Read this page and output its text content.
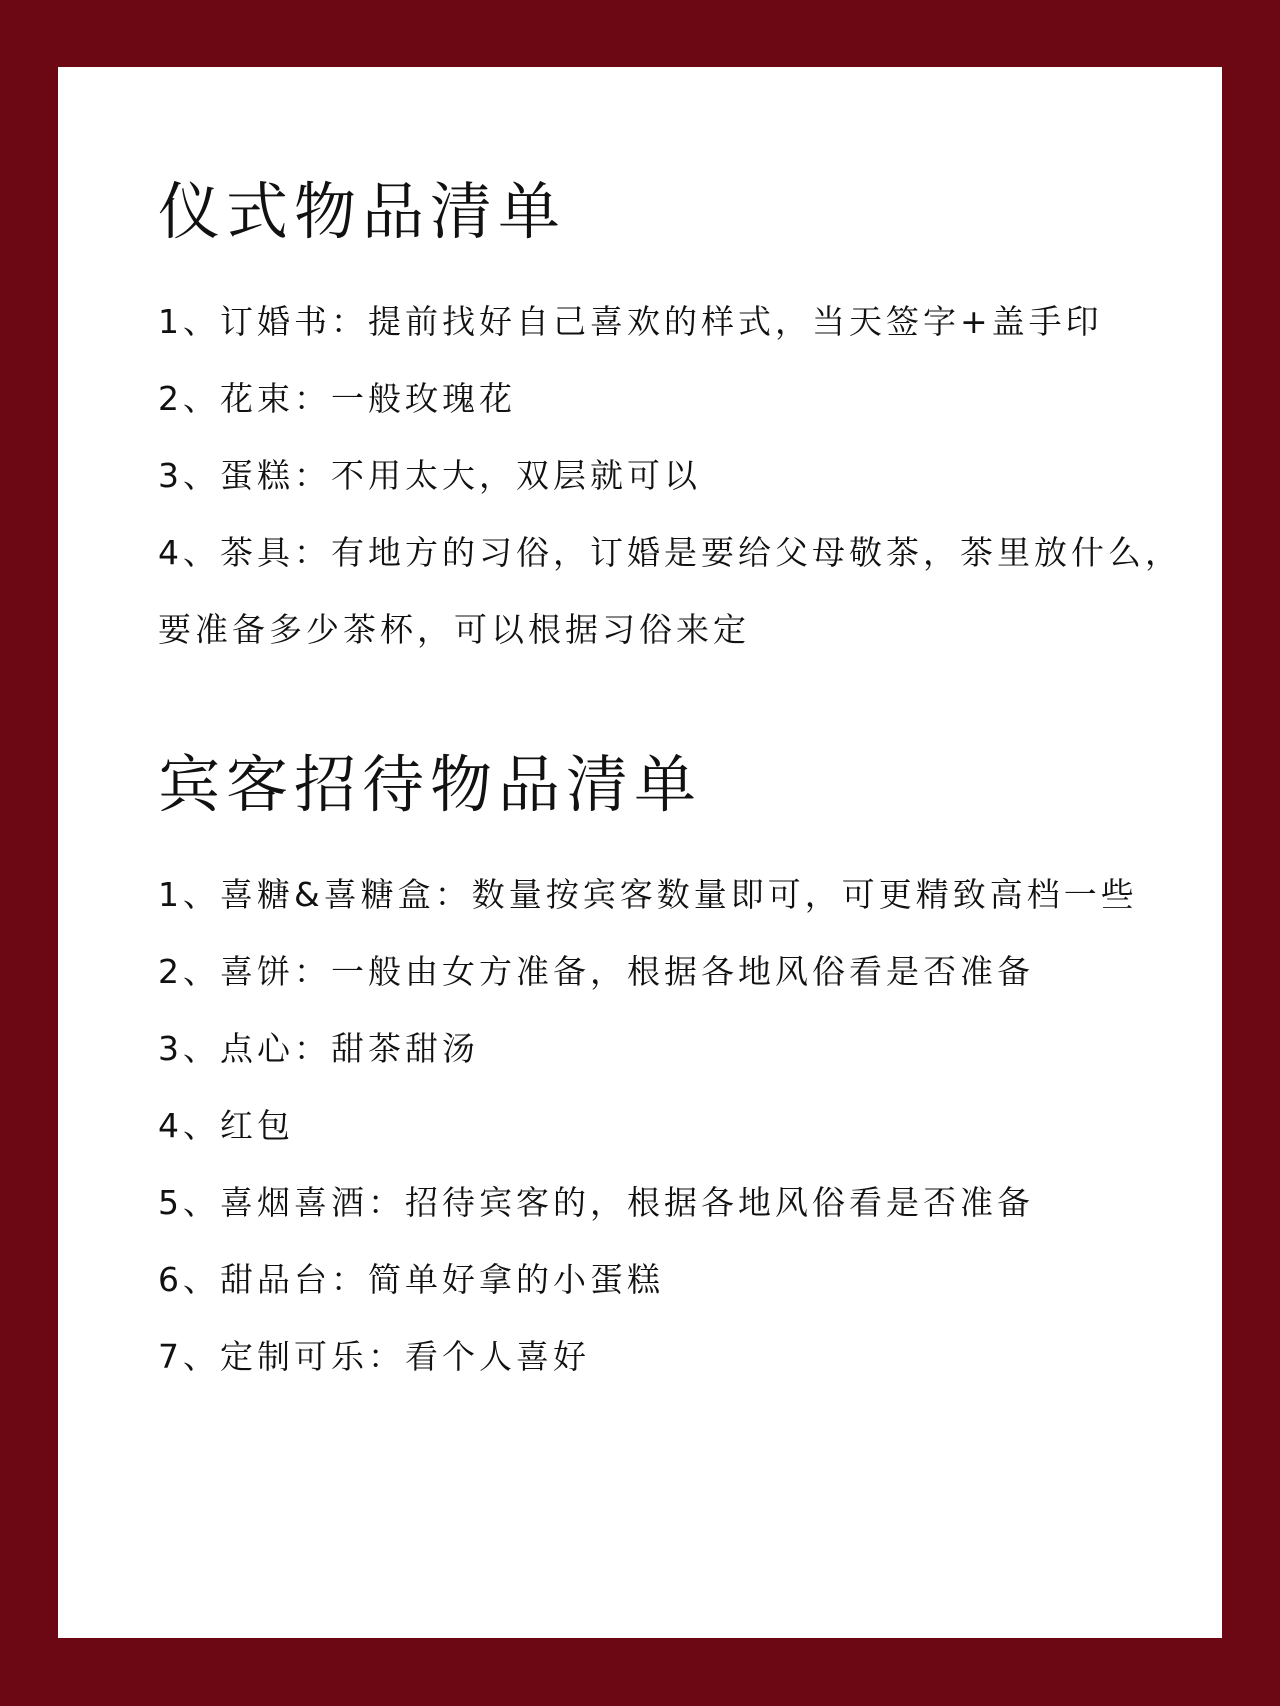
仪式物品清单
1、订婚书：提前找好自己喜欢的样式，当天签字+盖手印
2、花束：一般玫瑰花
3、蛋糕：不用太大，双层就可以
4、茶具：有地方的习俗，订婚是要给父母敬茶，茶里放什么，要准备多少茶杯，可以根据习俗来定
宾客招待物品清单
1、喜糖&喜糖盒：数量按宾客数量即可，可更精致高档一些
2、喜饼：一般由女方准备，根据各地风俗看是否准备
3、点心：甜茶甜汤
4、红包
5、喜烟喜酒：招待宾客的，根据各地风俗看是否准备
6、甜品台：简单好拿的小蛋糕
7、定制可乐：看个人喜好
